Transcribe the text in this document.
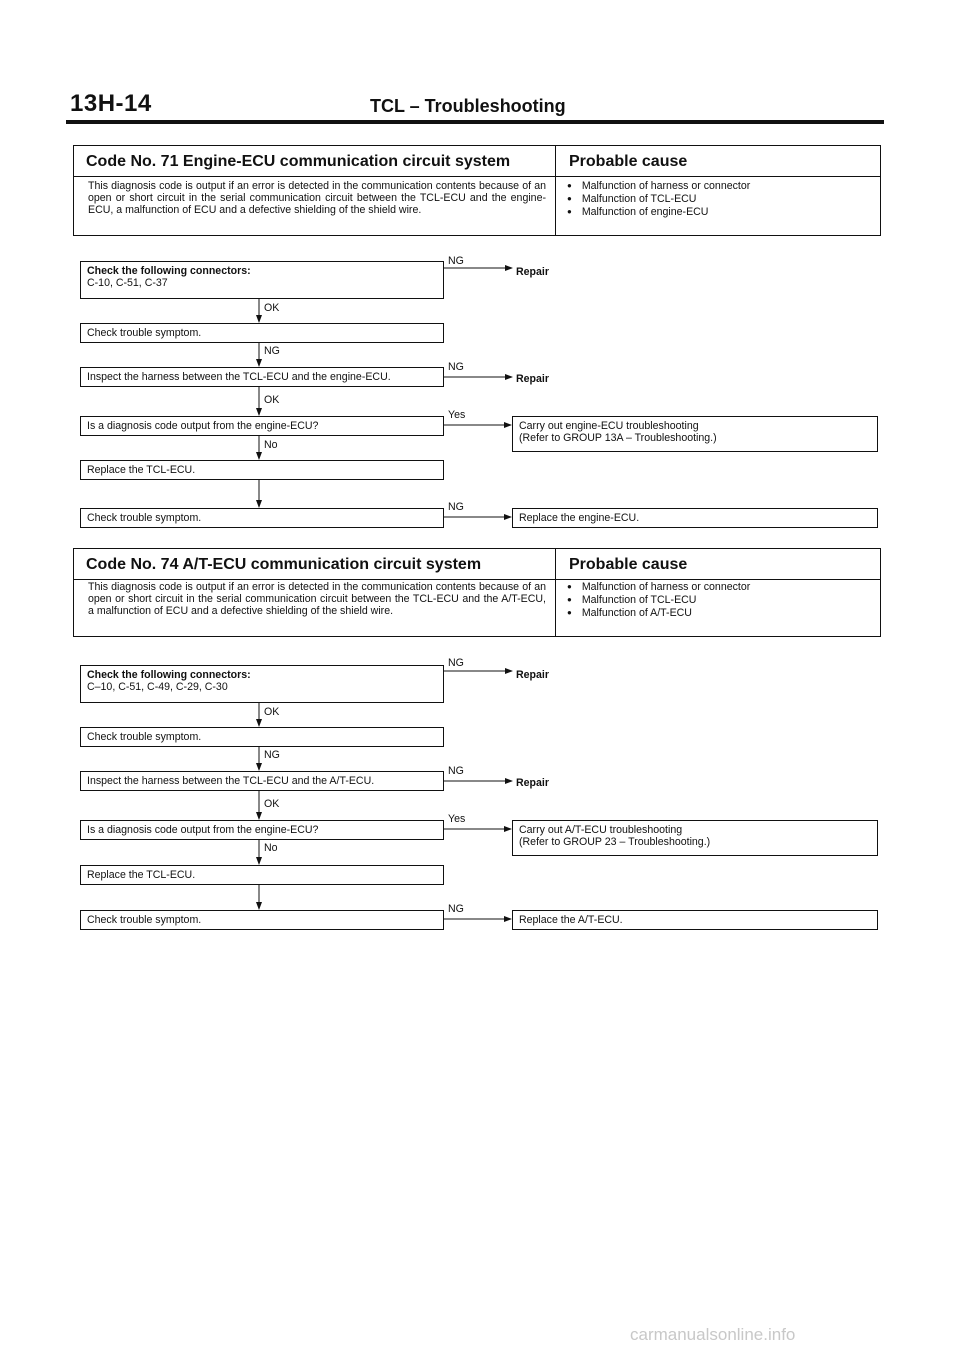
13H-14	TCL – Troubleshooting
Code No. 71 Engine-ECU communication circuit system	Probable cause
This diagnosis code is output if an error is detected in the communication contents because of an open or short circuit in the serial communication circuit between the TCL-ECU and the engine-ECU, a malfunction of ECU and a defective shielding of the shield wire.
● Malfunction of harness or connector
● Malfunction of TCL-ECU
● Malfunction of engine-ECU
Check the following connectors:
C-10, C-51, C-37
Check trouble symptom.
Inspect the harness between the TCL-ECU and the engine-ECU.
Is a diagnosis code output from the engine-ECU?	Carry out engine-ECU troubleshooting
(Refer to GROUP 13A – Troubleshooting.)
Replace the TCL-ECU.
Check trouble symptom.	Replace the engine-ECU.
NG
Repair
OK
NG
NG
Repair
OK
Yes
No
NG
Code No. 74 A/T-ECU communication circuit system	Probable cause
This diagnosis code is output if an error is detected in the communication contents because of an open or short circuit in the serial communication circuit between the TCL-ECU and the A/T-ECU, a malfunction of ECU and a defective shielding of the shield wire.
● Malfunction of harness or connector
● Malfunction of TCL-ECU
● Malfunction of A/T-ECU
Check the following connectors:
C–10, C-51, C-49, C-29, C-30
Check trouble symptom.
Inspect the harness between the TCL-ECU and the A/T-ECU.
Is a diagnosis code output from the engine-ECU?	Carry out A/T-ECU troubleshooting
(Refer to GROUP 23 – Troubleshooting.)
Replace the TCL-ECU.
Check trouble symptom.	Replace the A/T-ECU.
NG
Repair
OK
NG
NG
Repair
OK
Yes
No
NG
carmanualsonline.info
